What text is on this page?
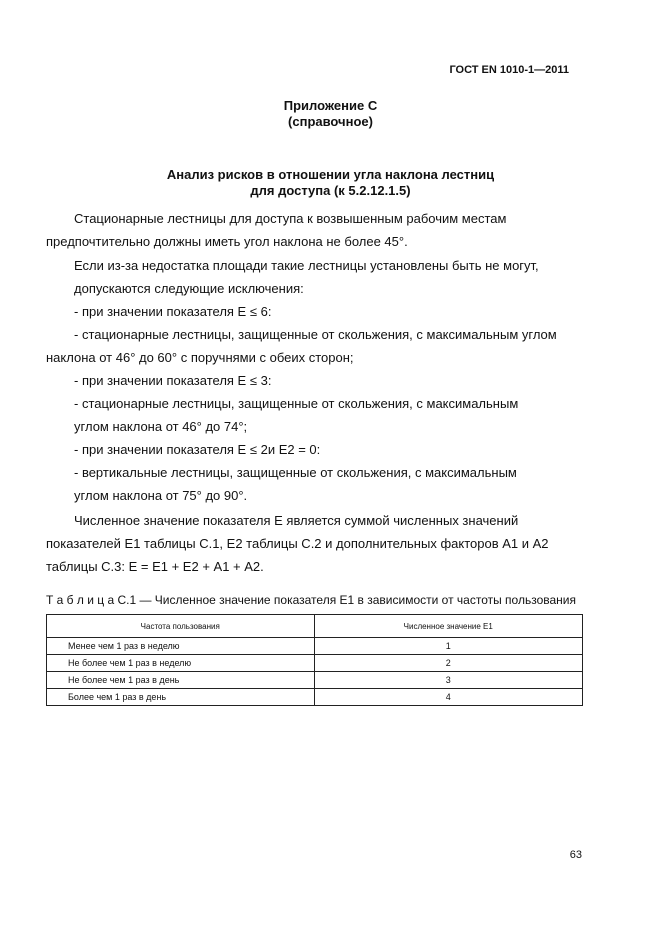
ГОСТ EN 1010-1—2011
Приложение С
(справочное)
Анализ рисков в отношении угла наклона лестниц
для доступа (к 5.2.12.1.5)
Стационарные лестницы для доступа к возвышенным рабочим местам
предпочтительно должны иметь угол наклона не более 45°.
Если из-за недостатка площади такие лестницы установлены быть не могут,
допускаются следующие исключения:
- при значении показателя Е ≤ 6:
- стационарные лестницы, защищенные от скольжения, с максимальным углом
наклона от 46° до 60° с поручнями с обеих сторон;
- при значении показателя Е ≤ 3:
- стационарные лестницы, защищенные от скольжения, с максимальным
углом наклона от 46° до 74°;
- при значении показателя Е ≤ 2и Е2 = 0:
- вертикальные лестницы, защищенные от скольжения, с максимальным
углом наклона от 75° до 90°.
Численное значение показателя Е является суммой численных значений
показателей Е1 таблицы С.1, Е2 таблицы С.2 и дополнительных факторов А1 и А2
таблицы С.3: Е = Е1 + Е2 + А1 + А2.
Т а б л и ц а С.1 — Численное значение показателя Е1 в зависимости от частоты пользования
Частота пользования	Численное значение Е1
Менее чем 1 раз в неделю	1
Не более чем 1 раз в неделю	2
Не более чем 1 раз в день	3
Более чем 1 раз в день	4
63
